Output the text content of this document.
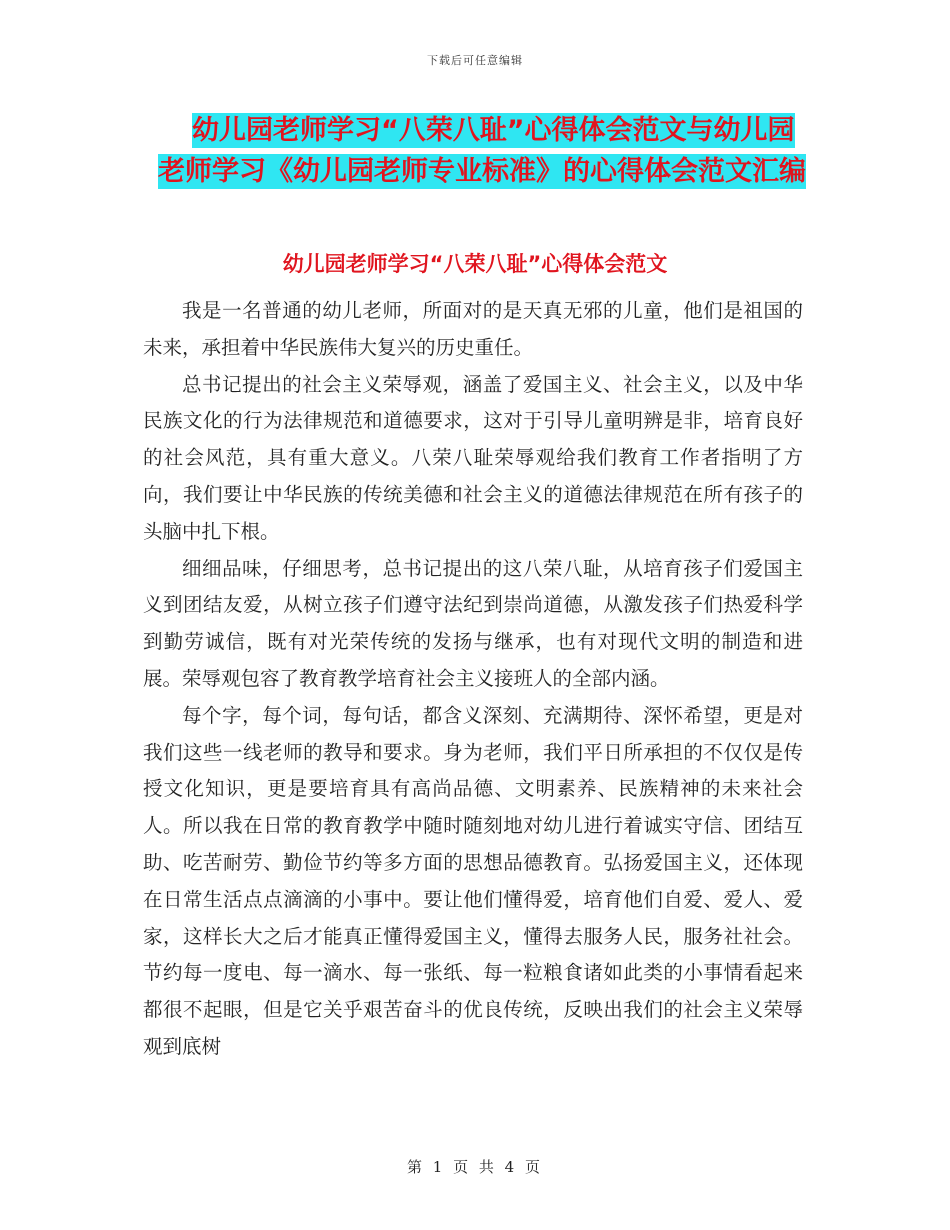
下载后可任意编辑
幼儿园老师学习“八荣八耻”心得体会范文与幼儿园
老师学习《幼儿园老师专业标准》的心得体会范文汇编
幼儿园老师学习“八荣八耻”心得体会范文

我是一名普通的幼儿老师，所面对的是天真无邪的儿童，他们是祖国的未来，承担着中华民族伟大复兴的历史重任。

总书记提出的社会主义荣辱观，涵盖了爱国主义、社会主义，以及中华民族文化的行为法律规范和道德要求，这对于引导儿童明辨是非，培育良好的社会风范，具有重大意义。八荣八耻荣辱观给我们教育工作者指明了方向，我们要让中华民族的传统美德和社会主义的道德法律规范在所有孩子的头脑中扎下根。

细细品味，仔细思考，总书记提出的这八荣八耻，从培育孩子们爱国主义到团结友爱，从树立孩子们遵守法纪到崇尚道德，从激发孩子们热爱科学到勤劳诚信，既有对光荣传统的发扬与继承，也有对现代文明的制造和进展。荣辱观包容了教育教学培育社会主义接班人的全部内涵。

每个字，每个词，每句话，都含义深刻、充满期待、深怀希望，更是对我们这些一线老师的教导和要求。身为老师，我们平日所承担的不仅仅是传授文化知识，更是要培育具有高尚品德、文明素养、民族精神的未来社会人。所以我在日常的教育教学中随时随刻地对幼儿进行着诚实守信、团结互助、吃苦耐劳、勤俭节约等多方面的思想品德教育。弘扬爱国主义，还体现在日常生活点点滴滴的小事中。要让他们懂得爱，培育他们自爱、爱人、爱家，这样长大之后才能真正懂得爱国主义，懂得去服务人民，服务社社会。节约每一度电、每一滴水、每一张纸、每一粒粮食诸如此类的小事情看起来都很不起眼，但是它关乎艰苦奋斗的优良传统，反映出我们的社会主义荣辱观到底树

第 1 页 共 4 页
